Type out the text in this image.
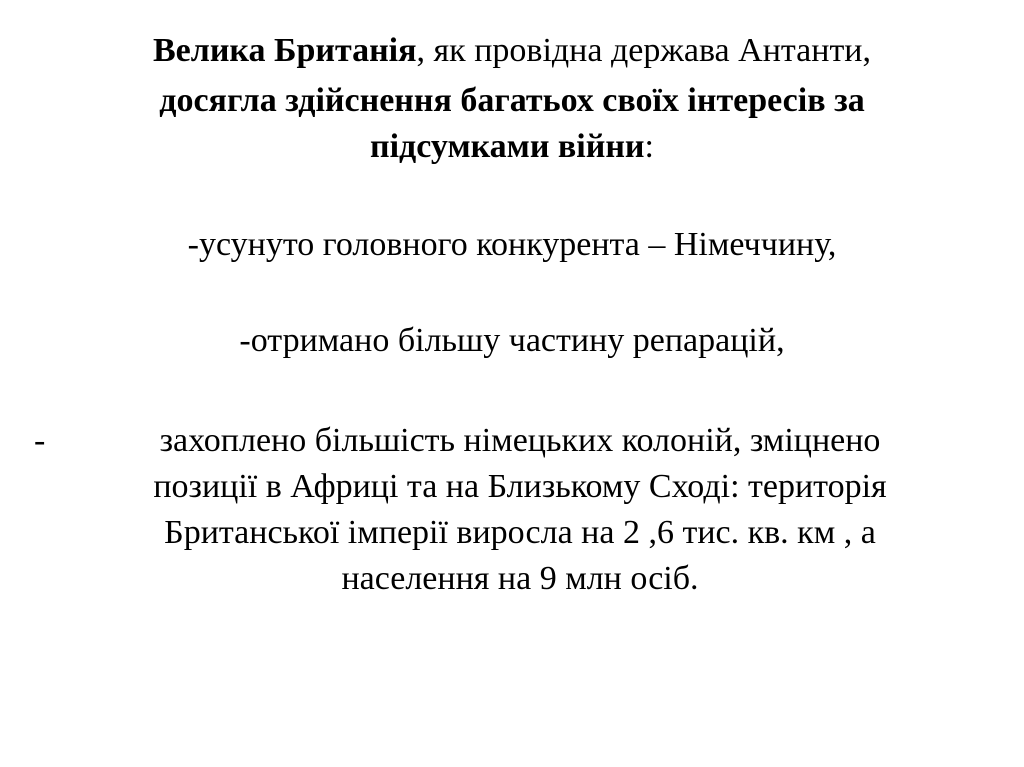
Велика Британія, як провідна держава Антанти,
досягла здійснення багатьох своїх інтересів за
підсумками війни:
-усунуто головного конкурента – Німеччину,
-отримано більшу частину репарацій,
-	захоплено більшість німецьких колоній, зміцнено
позиції в Африці та на Близькому Сході: територія
Британської імперії виросла на 2 ,6 тис. кв. км , а
населення на 9 млн осіб.
